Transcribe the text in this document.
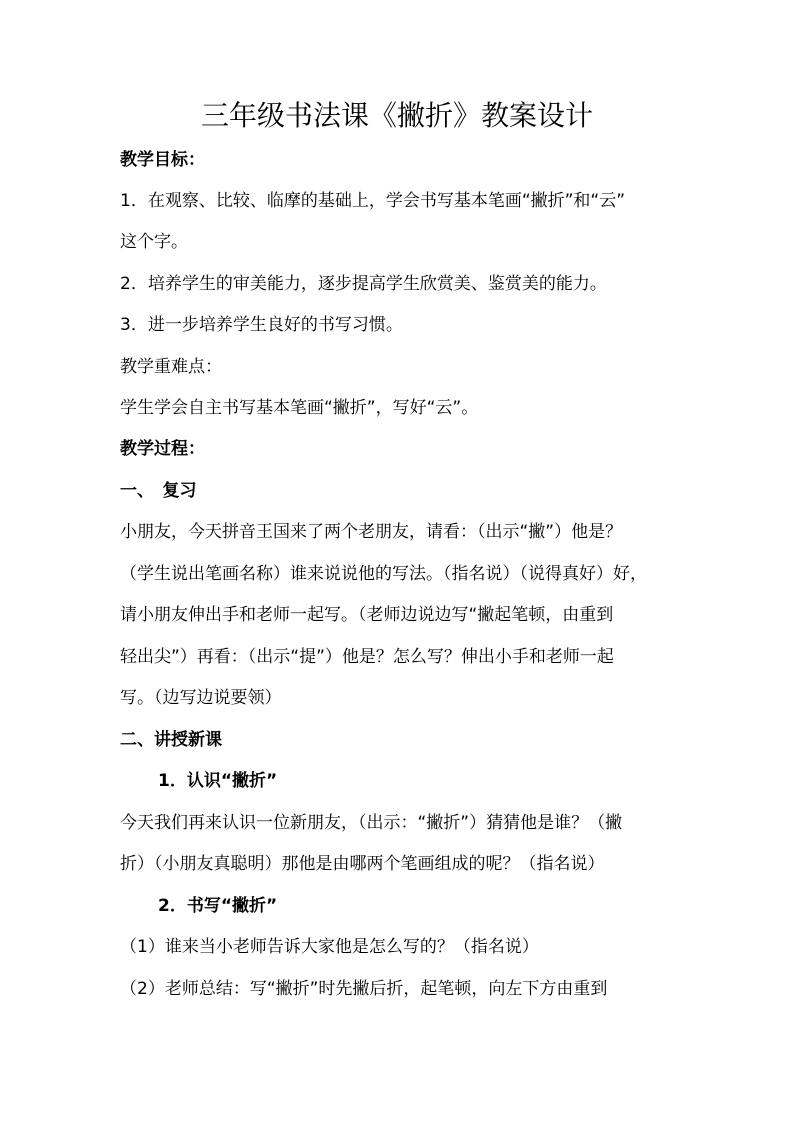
三年级书法课《撇折》教案设计
教学目标：
1．在观察、比较、临摩的基础上，学会书写基本笔画“撇折”和“云”
这个字。
2．培养学生的审美能力，逐步提高学生欣赏美、鉴赏美的能力。
3．进一步培养学生良好的书写习惯。
教学重难点：
学生学会自主书写基本笔画“撇折”，写好“云”。
教学过程：
一、　复习
小朋友，今天拼音王国来了两个老朋友，请看：（出示“撇”）他是？
（学生说出笔画名称）谁来说说他的写法。（指名说）（说得真好）好，
请小朋友伸出手和老师一起写。（老师边说边写“撇起笔顿，由重到
轻出尖”）再看：（出示“提”）他是？怎么写？伸出小手和老师一起
写。（边写边说要领）
二、讲授新课
1．认识“撇折”
今天我们再来认识一位新朋友，（出示：“撇折”）猜猜他是谁？（撇
折）（小朋友真聪明）那他是由哪两个笔画组成的呢？（指名说）
2．书写“撇折”
（1）谁来当小老师告诉大家他是怎么写的？（指名说）
（2）老师总结：写“撇折”时先撇后折，起笔顿，向左下方由重到
